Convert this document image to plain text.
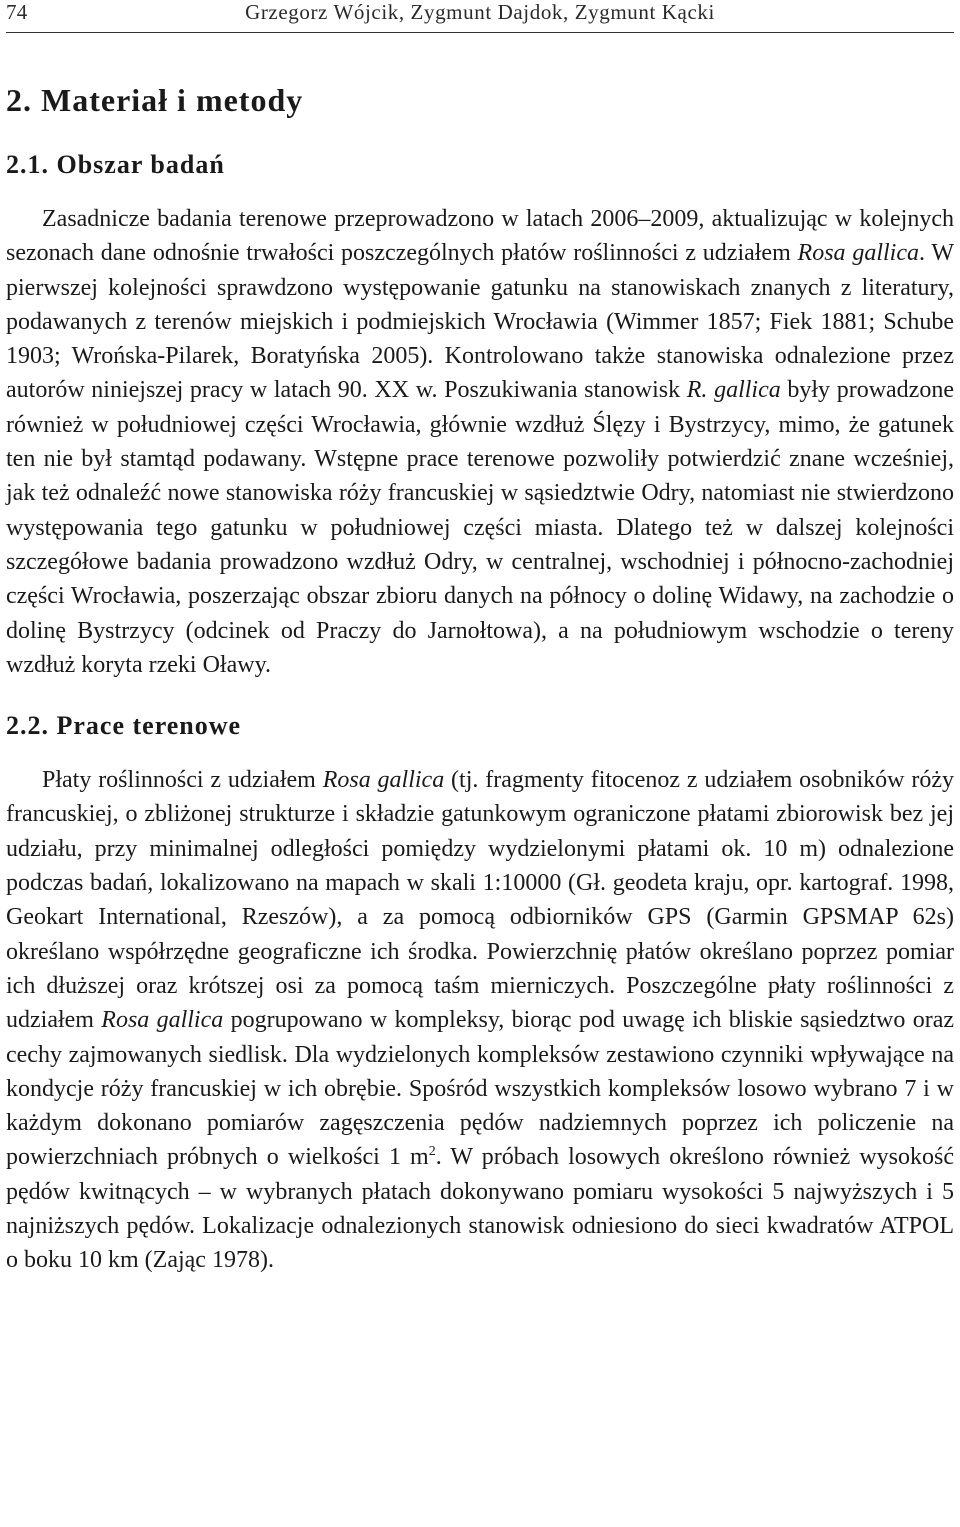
74	Grzegorz Wójcik, Zygmunt Dajdok, Zygmunt Kącki
2. Materiał i metody
2.1. Obszar badań

Zasadnicze badania terenowe przeprowadzono w latach 2006–2009, aktualizując w kolejnych sezonach dane odnośnie trwałości poszczególnych płatów roślinności z udziałem Rosa gallica. W pierwszej kolejności sprawdzono występowanie gatunku na stanowiskach znanych z literatury, podawanych z terenów miejskich i podmiejskich Wrocławia (Wimmer 1857; Fiek 1881; Schube 1903; Wrońska-Pilarek, Boratyńska 2005). Kontrolowano także stanowiska odnalezione przez autorów niniejszej pracy w latach 90. XX w. Poszukiwania stanowisk R. gallica były prowadzone również w południowej części Wrocławia, głównie wzdłuż Ślęzy i Bystrzycy, mimo, że gatunek ten nie był stamtąd podawany. Wstępne prace terenowe pozwoliły potwierdzić znane wcześniej, jak też odnaleźć nowe stanowiska róży francuskiej w sąsiedztwie Odry, natomiast nie stwierdzono występowania tego gatunku w południowej części miasta. Dlatego też w dalszej kolejności szczegółowe badania prowadzono wzdłuż Odry, w centralnej, wschodniej i północno-zachodniej części Wrocławia, poszerzając obszar zbioru danych na północy o dolinę Widawy, na zachodzie o dolinę Bystrzycy (odcinek od Praczy do Jarnołtowa), a na południowym wschodzie o tereny wzdłuż koryta rzeki Oławy.

2.2. Prace terenowe

Płaty roślinności z udziałem Rosa gallica (tj. fragmenty fitocenoz z udziałem osobników róży francuskiej, o zbliżonej strukturze i składzie gatunkowym ograniczone płatami zbiorowisk bez jej udziału, przy minimalnej odległości pomiędzy wydzielonymi płatami ok. 10 m) odnalezione podczas badań, lokalizowano na mapach w skali 1:10000 (Gł. geodeta kraju, opr. kartograf. 1998, Geokart International, Rzeszów), a za pomocą odbiorników GPS (Garmin GPSMAP 62s) określano współrzędne geograficzne ich środka. Powierzchnię płatów określano poprzez pomiar ich dłuższej oraz krótszej osi za pomocą taśm mierniczych. Poszczególne płaty roślinności z udziałem Rosa gallica pogrupowano w kompleksy, biorąc pod uwagę ich bliskie sąsiedztwo oraz cechy zajmowanych siedlisk. Dla wydzielonych kompleksów zestawiono czynniki wpływające na kondycje róży francuskiej w ich obrębie. Spośród wszystkich kompleksów losowo wybrano 7 i w każdym dokonano pomiarów zagęszczenia pędów nadziemnych poprzez ich policzenie na powierzchniach próbnych o wielkości 1 $m^2$. W próbach losowych określono również wysokość pędów kwitnących – w wybranych płatach dokonywano pomiaru wysokości 5 najwyższych i 5 najniższych pędów. Lokalizacje odnalezionych stanowisk odniesiono do sieci kwadratów ATPOL o boku 10 km (Zając 1978).
